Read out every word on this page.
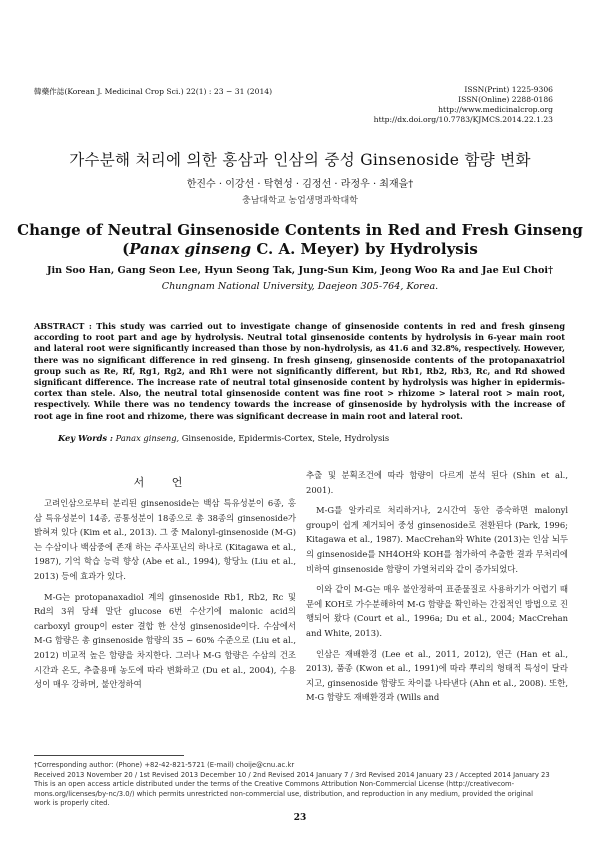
韓藥作誌(Korean J. Medicinal Crop Sci.) 22(1) : 23 − 31 (2014)	ISSN(Print) 1225-9306
ISSN(Online) 2288-0186
http://www.medicinalcrop.org
http://dx.doi.org/10.7783/KJMCS.2014.22.1.23
가수분해 처리에 의한 홍삼과 인삼의 중성 Ginsenoside 함량 변화
한진수 · 이강선 · 탁현성 · 김정선 · 라정우 · 최재을†
충남대학교 농업생명과학대학
Change of Neutral Ginsenoside Contents in Red and Fresh Ginseng
(Panax ginseng C. A. Meyer) by Hydrolysis
Jin Soo Han, Gang Seon Lee, Hyun Seong Tak, Jung-Sun Kim, Jeong Woo Ra and Jae Eul Choi†
Chungnam National University, Daejeon 305-764, Korea.
ABSTRACT : This study was carried out to investigate change of ginsenoside contents in red and fresh ginseng according to root part and age by hydrolysis. Neutral total ginsenoside contents by hydrolysis in 6-year main root and lateral root were significantly increased than those by non-hydrolysis, as 41.6 and 32.8%, respectively. However, there was no significant difference in red ginseng. In fresh ginseng, ginsenoside contents of the protopanaxatriol group such as Re, Rf, Rg1, Rg2, and Rh1 were not significantly different, but Rb1, Rb2, Rb3, Rc, and Rd showed significant difference. The increase rate of neutral total ginsenoside content by hydrolysis was higher in epidermis-cortex than stele. Also, the neutral total ginsenoside content was fine root > rhizome > lateral root > main root, respectively. While there was no tendency towards the increase of ginsenoside by hydrolysis with the increase of root age in fine root and rhizome, there was significant decrease in main root and lateral root.
Key Words : Panax ginseng, Ginsenoside, Epidermis-Cortex, Stele, Hydrolysis
서 언

고려인삼으로부터 분리된 ginsenoside는 백삼 특유성분이 6종, 홍삼 특유성분이 14종, 공통성분이 18종으로 총 38종의 ginsenoside가 밝혀져 있다 (Kim et al., 2013). 그 중 Malonyl-ginsenoside (M-G)는 수삼이나 백삼중에 존재 하는 주사포닌의 하나로 (Kitagawa et al., 1987), 기억 학습 능력 향상 (Abe et al., 1994), 항당뇨 (Liu et al., 2013) 등에 효과가 있다.

M-G는 protopanaxadiol 계의 ginsenoside Rb1, Rb2, Rc 및 Rd의 3위 당쇄 말단 glucose 6번 수산기에 malonic acid의 carboxyl group이 ester 결합 한 산성 ginsenoside이다. 수삼에서 M-G 함량은 총 ginsenoside 함량의 35 ~ 60% 수준으로 (Liu et al., 2012) 비교적 높은 함량을 차지한다. 그러나 M-G 함량은 수삼의 건조 시간과 온도, 추출용매 농도에 따라 변화하고 (Du et al., 2004), 수용성이 매우 강하며, 불안정하여

추출 및 분획조건에 따라 함량이 다르게 분석 된다 (Shin et al., 2001).

M-G를 알카리로 처리하거나, 2시간여 동안 증숙하면 malonyl group이 쉽게 제거되어 중성 ginsenoside로 전환된다 (Park, 1996; Kitagawa et al., 1987). MacCrehan와 White (2013)는 인삼 뇌두의 ginsenoside를 NH4OH와 KOH를 첨가하여 추출한 결과 무처리에 비하여 ginsenoside 함량이 가열처리와 같이 증가되었다.

이와 같이 M-G는 매우 불안정하여 표준물질로 사용하기가 어렵기 때문에 KOH로 가수분해하여 M-G 함량을 확인하는 간접적인 방법으로 진행되어 왔다 (Court et al., 1996a; Du et al., 2004; MacCrehan and White, 2013).

인삼은 재배환경 (Lee et al., 2011, 2012), 연근 (Han et al., 2013), 품종 (Kwon et al., 1991)에 따라 뿌리의 형태적 특성이 달라지고, ginsenoside 함량도 차이를 나타낸다 (Ahn et al., 2008). 또한, M-G 함량도 재배환경과 (Wills and

†Corresponding author: (Phone) +82-42-821-5721 (E-mail) choije@cnu.ac.kr
Received 2013 November 20 / 1st Revised 2013 December 10 / 2nd Revised 2014 January 7 / 3rd Revised 2014 January 23 / Accepted 2014 January 23
This is an open access article distributed under the terms of the Creative Commons Attribution Non-Commercial License (http://creativecom-
mons.org/licenses/by-nc/3.0/) which permits unrestricted non-commercial use, distribution, and reproduction in any medium, provided the original
work is properly cited.
23
